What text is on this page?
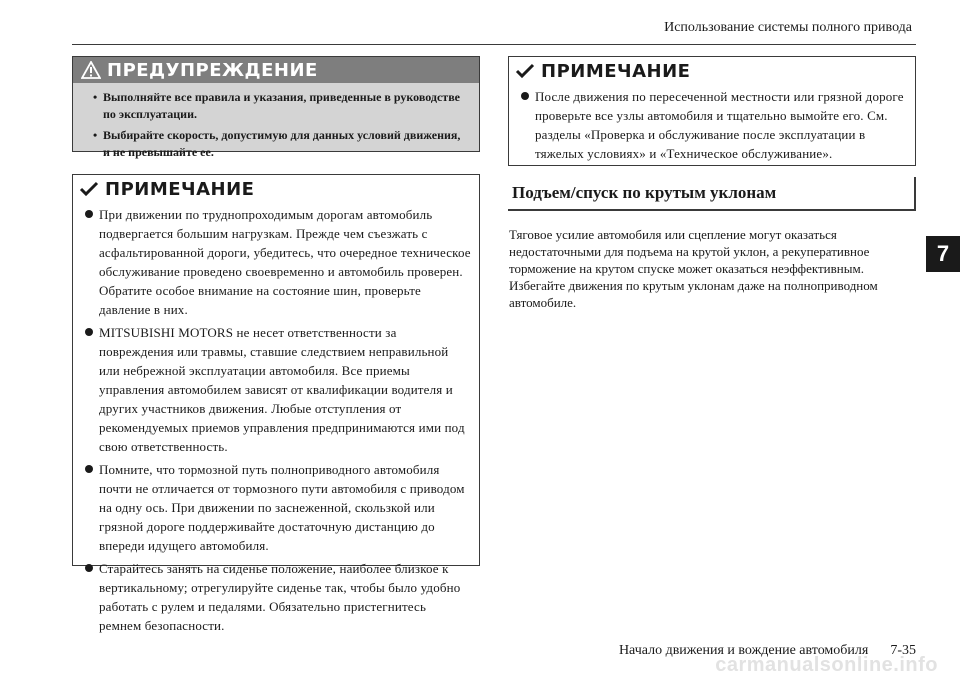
Использование системы полного привода
7
ПРЕДУПРЕЖДЕНИЕ
• Выполняйте все правила и указания, приведенные в руководстве по эксплуатации.
• Выбирайте скорость, допустимую для данных условий движения, и не превышайте ее.
ПРИМЕЧАНИЕ
При движении по труднопроходимым дорогам автомобиль подвергается большим нагрузкам. Прежде чем съезжать с асфальтированной дороги, убедитесь, что очередное техническое обслуживание проведено своевременно и автомобиль проверен. Обратите особое внимание на состояние шин, проверьте давление в них.
MITSUBISHI MOTORS не несет ответственности за повреждения или травмы, ставшие следствием неправильной или небрежной эксплуатации автомобиля. Все приемы управления автомобилем зависят от квалификации водителя и других участников движения. Любые отступления от рекомендуемых приемов управления предпринимаются ими под свою ответственность.
Помните, что тормозной путь полноприводного автомобиля почти не отличается от тормозного пути автомобиля с приводом на одну ось. При движении по заснеженной, скользкой или грязной дороге поддерживайте достаточную дистанцию до впереди идущего автомобиля.
Старайтесь занять на сиденье положение, наиболее близкое к вертикальному; отрегулируйте сиденье так, чтобы было удобно работать с рулем и педалями. Обязательно пристегнитесь ремнем безопасности.
ПРИМЕЧАНИЕ
После движения по пересеченной местности или грязной дороге проверьте все узлы автомобиля и тщательно вымойте его. См. разделы «Проверка и обслуживание после эксплуатации в тяжелых условиях» и «Техническое обслуживание».
Подъем/спуск по крутым уклонам

Тяговое усилие автомобиля или сцепление могут оказаться недостаточными для подъема на крутой уклон, а рекуперативное торможение на крутом спуске может оказаться неэффективным. Избегайте движения по крутым уклонам даже на полноприводном автомобиле.

Начало движения и вождение автомобиля 7-35
carmanualsonline.info
